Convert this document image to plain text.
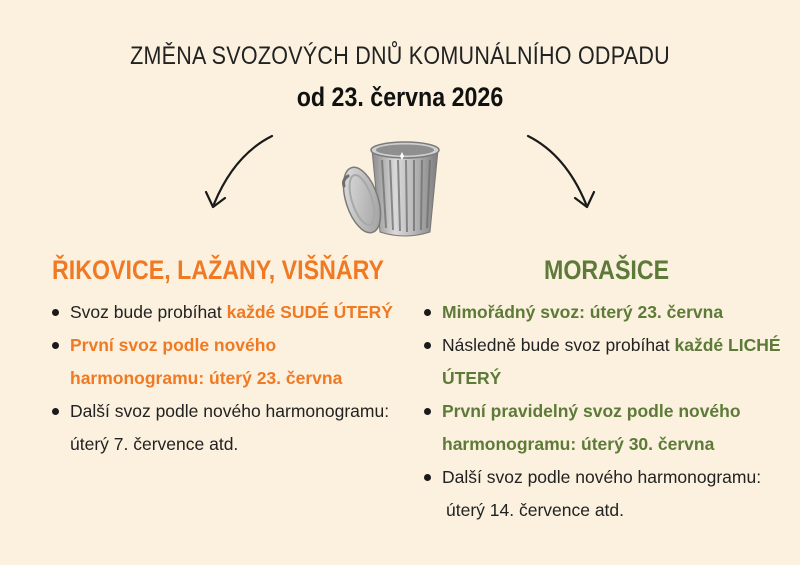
ZMĚNA SVOZOVÝCH DNŮ KOMUNÁLNÍHO ODPADU
od 23. června 2026
ŘIKOVICE, LAŽANY, VIŠŇÁRY
Svoz bude probíhat každé SUDÉ ÚTERÝ
První svoz podle nového
harmonogramu: úterý 23. června
Další svoz podle nového harmonogramu:
úterý 7. července atd.
MORAŠICE
Mimořádný svoz: úterý 23. června
Následně bude svoz probíhat každé LICHÉ ÚTERÝ
První pravidelný svoz podle nového
harmonogramu: úterý 30. června
Další svoz podle nového harmonogramu:
úterý 14. července atd.
